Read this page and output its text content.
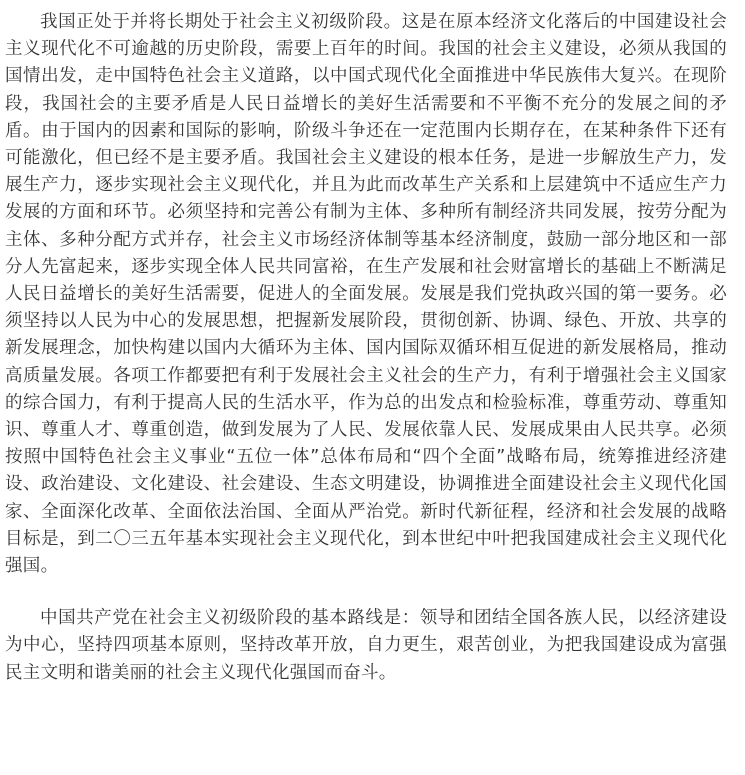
我国正处于并将长期处于社会主义初级阶段。这是在原本经济文化落后的中国建设社会主义现代化不可逾越的历史阶段，需要上百年的时间。我国的社会主义建设，必须从我国的国情出发，走中国特色社会主义道路，以中国式现代化全面推进中华民族伟大复兴。在现阶段，我国社会的主要矛盾是人民日益增长的美好生活需要和不平衡不充分的发展之间的矛盾。由于国内的因素和国际的影响，阶级斗争还在一定范围内长期存在，在某种条件下还有可能激化，但已经不是主要矛盾。我国社会主义建设的根本任务，是进一步解放生产力，发展生产力，逐步实现社会主义现代化，并且为此而改革生产关系和上层建筑中不适应生产力发展的方面和环节。必须坚持和完善公有制为主体、多种所有制经济共同发展，按劳分配为主体、多种分配方式并存，社会主义市场经济体制等基本经济制度，鼓励一部分地区和一部分人先富起来，逐步实现全体人民共同富裕，在生产发展和社会财富增长的基础上不断满足人民日益增长的美好生活需要，促进人的全面发展。发展是我们党执政兴国的第一要务。必须坚持以人民为中心的发展思想，把握新发展阶段，贯彻创新、协调、绿色、开放、共享的新发展理念，加快构建以国内大循环为主体、国内国际双循环相互促进的新发展格局，推动高质量发展。各项工作都要把有利于发展社会主义社会的生产力，有利于增强社会主义国家的综合国力，有利于提高人民的生活水平，作为总的出发点和检验标准，尊重劳动、尊重知识、尊重人才、尊重创造，做到发展为了人民、发展依靠人民、发展成果由人民共享。必须按照中国特色社会主义事业“五位一体”总体布局和“四个全面”战略布局，统筹推进经济建设、政治建设、文化建设、社会建设、生态文明建设，协调推进全面建设社会主义现代化国家、全面深化改革、全面依法治国、全面从严治党。新时代新征程，经济和社会发展的战略目标是，到二〇三五年基本实现社会主义现代化，到本世纪中叶把我国建成社会主义现代化强国。

中国共产党在社会主义初级阶段的基本路线是：领导和团结全国各族人民，以经济建设为中心，坚持四项基本原则，坚持改革开放，自力更生，艰苦创业，为把我国建设成为富强民主文明和谐美丽的社会主义现代化强国而奋斗。
